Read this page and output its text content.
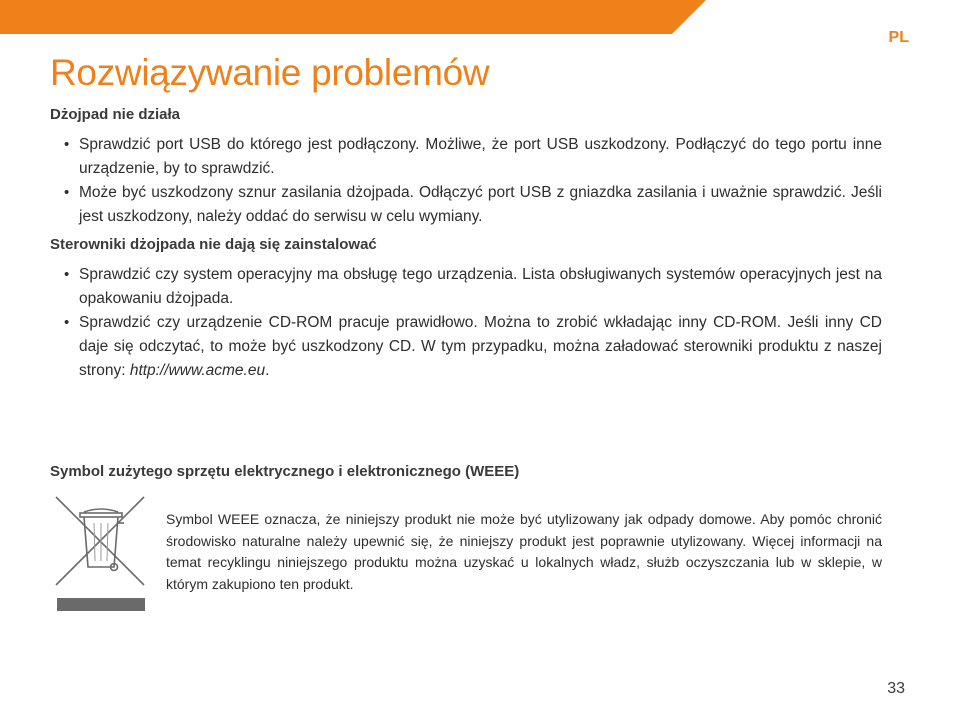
PL
Rozwiązywanie problemów
Dżojpad nie działa
• Sprawdzić port USB do którego jest podłączony. Możliwe, że port USB uszkodzony. Podłączyć do tego portu inne urządzenie, by to sprawdzić.
• Może być uszkodzony sznur zasilania dżojpada. Odłączyć port USB z gniazdka zasilania i uważnie sprawdzić. Jeśli jest uszkodzony, należy oddać do serwisu w celu wymiany.
Sterowniki dżojpada nie dają się zainstalować
• Sprawdzić czy system operacyjny ma obsługę tego urządzenia. Lista obsługiwanych systemów operacyjnych jest na opakowaniu dżojpada.
• Sprawdzić czy urządzenie CD-ROM pracuje prawidłowo. Można to zrobić wkładając inny CD-ROM. Jeśli inny CD daje się odczytać, to może być uszkodzony CD. W tym przypadku, można załadować sterowniki produktu z naszej strony: http://www.acme.eu.
Symbol zużytego sprzętu elektrycznego i elektronicznego (WEEE)

Symbol WEEE oznacza, że niniejszy produkt nie może być utylizowany jak odpady domowe. Aby pomóc chronić środowisko naturalne należy upewnić się, że niniejszy produkt jest poprawnie utylizowany. Więcej informacji na temat recyklingu niniejszego produktu można uzyskać u lokalnych władz, służb oczyszczania lub w sklepie, w którym zakupiono ten produkt.

33
